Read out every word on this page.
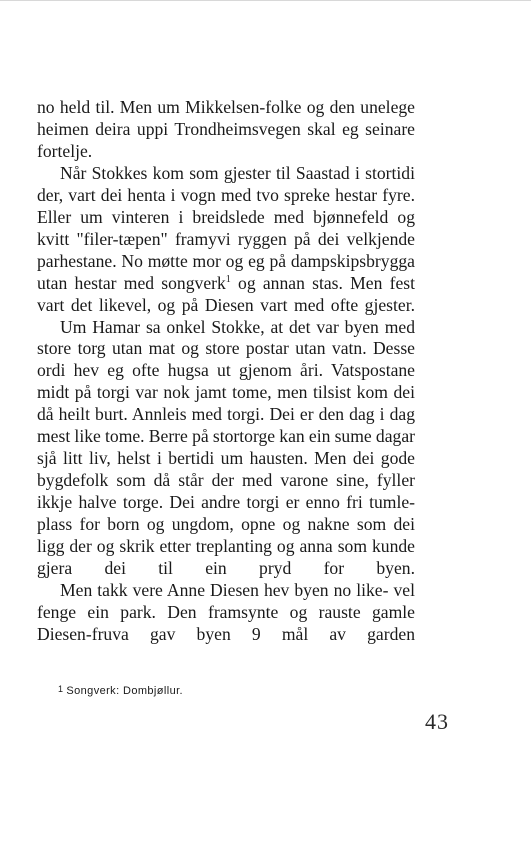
no held til. Men um Mikkelsen-folke og den unelege heimen deira uppi Trondheimsvegen skal eg seinare fortelje.

Når Stokkes kom som gjester til Saastad i stortidi der, vart dei henta i vogn med tvo spreke hestar fyre. Eller um vinteren i breidslede med bjønnefeld og kvitt "filer-tæpen" framyvi ryggen på dei velkjende parhestane. No møtte mor og eg på dampskipsbrygga utan hestar med songverk$^1$ og annan stas. Men fest vart det likevel, og på Diesen vart med ofte gjester.

Um Hamar sa onkel Stokke, at det var byen med store torg utan mat og store postar utan vatn. Desse ordi hev eg ofte hugsa ut gjenom åri. Vatspostane midt på torgi var nok jamt tome, men tilsist kom dei då heilt burt. Annleis med torgi. Dei er den dag i dag mest like tome. Berre på stortorge kan ein sume dagar sjå litt liv, helst i bertidi um hausten. Men dei gode bygdefolk som då står der med varone sine, fyller ikkje halve torge. Dei andre torgi er enno fri tumle- plass for born og ungdom, opne og nakne som dei ligg der og skrik etter treplanting og anna som kunde gjera dei til ein pryd for byen.

Men takk vere Anne Diesen hev byen no like- vel fenge ein park. Den framsynte og rauste gamle Diesen-fruva gav byen 9 mål av garden

1 Songverk: Dombjøllur.
43
